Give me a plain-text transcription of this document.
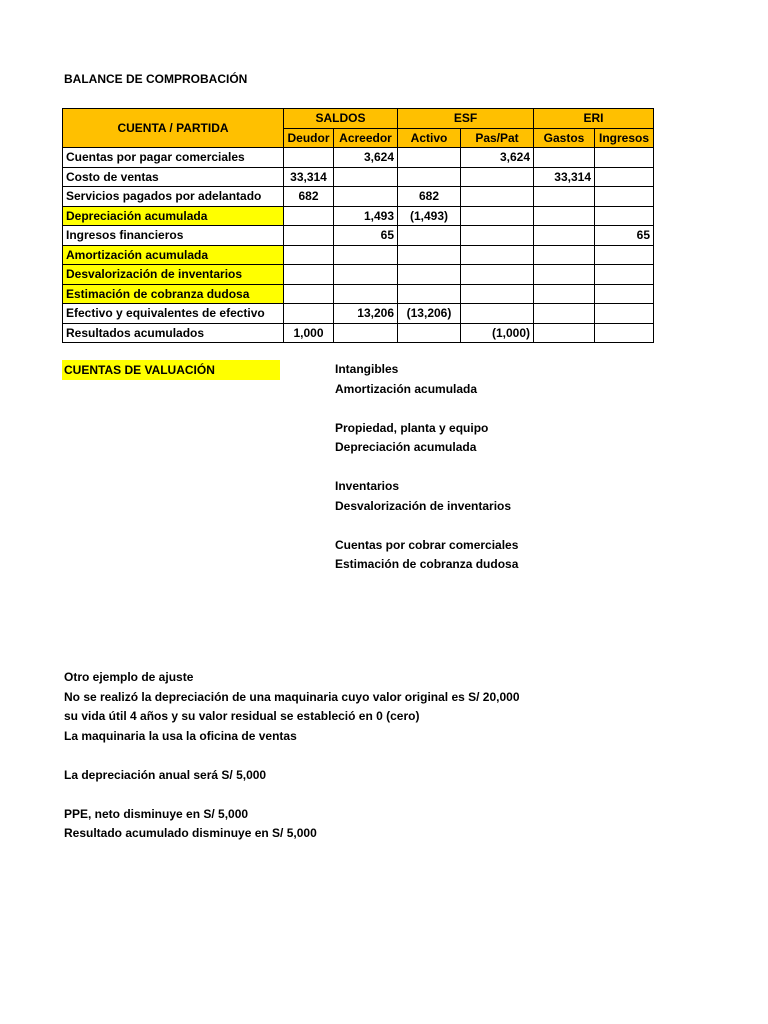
BALANCE DE COMPROBACIÓN
CUENTA / PARTIDA	SALDOS		ESF		ERI	
	Deudor	Acreedor	Activo	Pas/Pat	Gastos	Ingresos
Cuentas por pagar comerciales		3,624		3,624		
Costo de ventas	33,314				33,314	
Servicios pagados por adelantado	682		682			
Depreciación acumulada		1,493	(1,493)			
Ingresos financieros		65				65
Amortización acumulada						
Desvalorización de inventarios						
Estimación de cobranza dudosa						
Efectivo y equivalentes de efectivo		13,206	(13,206)			
Resultados acumulados	1,000			(1,000)		
CUENTAS DE VALUACIÓN	Intangibles
Amortización acumulada
Propiedad, planta y equipo
Depreciación acumulada
Inventarios
Desvalorización de inventarios
Cuentas por cobrar comerciales
Estimación de cobranza dudosa
Otro ejemplo de ajuste
No se realizó la depreciación de una maquinaria cuyo valor original es S/ 20,000
su vida útil 4 años y su valor residual se estableció en 0 (cero)
La maquinaria la usa la oficina de ventas
La depreciación anual será S/ 5,000
PPE, neto disminuye en S/ 5,000
Resultado acumulado disminuye en S/ 5,000
